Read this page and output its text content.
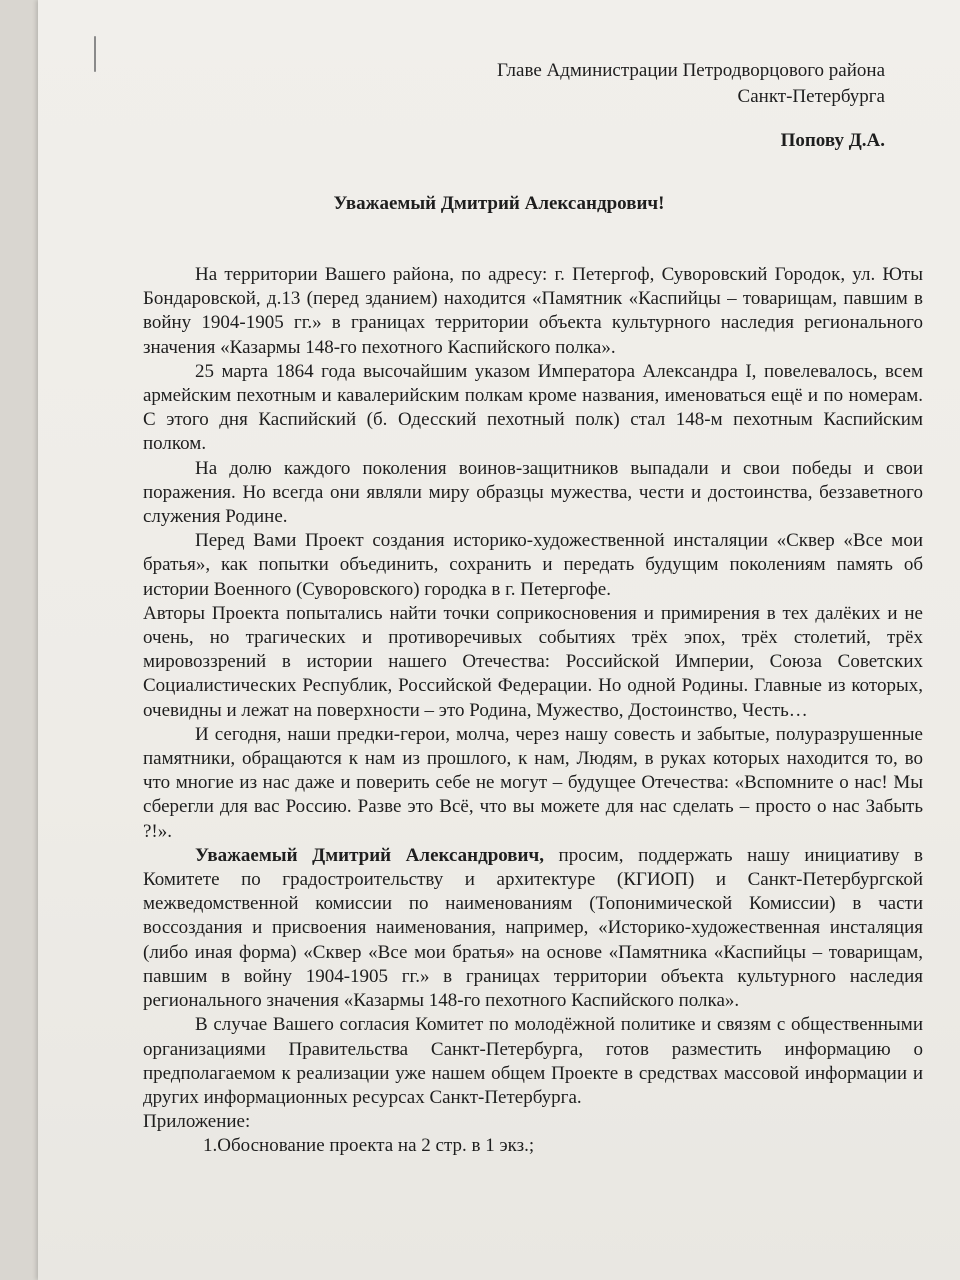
Главе Администрации Петродворцового района
Санкт-Петербурга
Попову Д.А.
Уважаемый Дмитрий Александрович!

На территории Вашего района, по адресу: г. Петергоф, Суворовский Городок, ул. Юты Бондаровской, д.13 (перед зданием) находится «Памятник «Каспийцы – товарищам, павшим в войну 1904-1905 гг.» в границах территории объекта культурного наследия регионального значения «Казармы 148-го пехотного Каспийского полка».

25 марта 1864 года высочайшим указом Императора Александра I, повелевалось, всем армейским пехотным и кавалерийским полкам кроме названия, именоваться ещё и по номерам. С этого дня Каспийский (б. Одесский пехотный полк) стал 148-м пехотным Каспийским полком.

На долю каждого поколения воинов-защитников выпадали и свои победы и свои поражения. Но всегда они являли миру образцы мужества, чести и достоинства, беззаветного служения Родине.

Перед Вами Проект создания историко-художественной инсталяции «Сквер «Все мои братья», как попытки объединить, сохранить и передать будущим поколениям память об истории Военного (Суворовского) городка в г. Петергофе.

Авторы Проекта попытались найти точки соприкосновения и примирения в тех далёких и не очень, но трагических и противоречивых событиях трёх эпох, трёх столетий, трёх мировоззрений в истории нашего Отечества: Российской Империи, Союза Советских Социалистических Республик, Российской Федерации. Но одной Родины. Главные из которых, очевидны и лежат на поверхности – это Родина, Мужество, Достоинство, Честь…

И сегодня, наши предки-герои, молча, через нашу совесть и забытые, полуразрушенные памятники, обращаются к нам из прошлого, к нам, Людям, в руках которых находится то, во что многие из нас даже и поверить себе не могут – будущее Отечества: «Вспомните о нас! Мы сберегли для вас Россию. Разве это Всё, что вы можете для нас сделать – просто о нас Забыть ?!».

Уважаемый Дмитрий Александрович, просим, поддержать нашу инициативу в Комитете по градостроительству и архитектуре (КГИОП) и Санкт-Петербургской межведомственной комиссии по наименованиям (Топонимической Комиссии) в части воссоздания и присвоения наименования, например, «Историко-художественная инсталяция (либо иная форма) «Сквер «Все мои братья» на основе «Памятника «Каспийцы – товарищам, павшим в войну 1904-1905 гг.» в границах территории объекта культурного наследия регионального значения «Казармы 148-го пехотного Каспийского полка».

В случае Вашего согласия Комитет по молодёжной политике и связям с общественными организациями Правительства Санкт-Петербурга, готов разместить информацию о предполагаемом к реализации уже нашем общем Проекте в средствах массовой информации и других информационных ресурсах Санкт-Петербурга.

Приложение:

1.Обоснование проекта на 2 стр. в 1 экз.;
